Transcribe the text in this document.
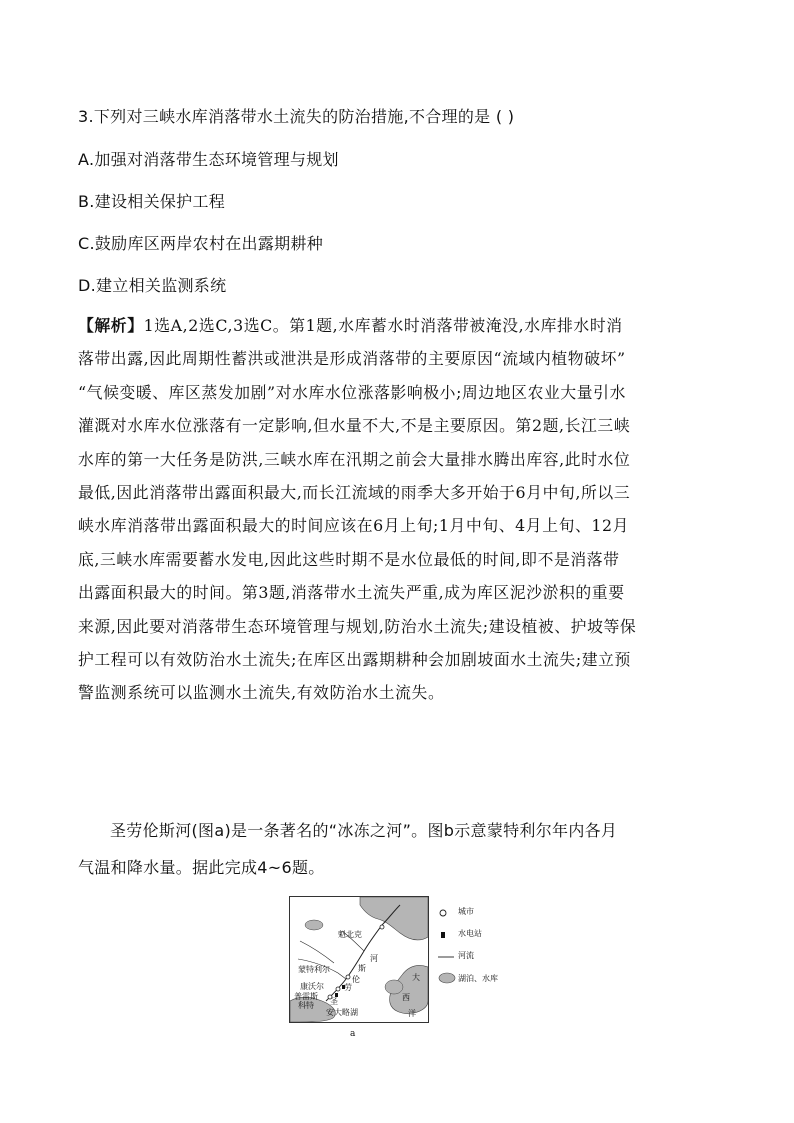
3.下列对三峡水库消落带水土流失的防治措施,不合理的是 ( )
A.加强对消落带生态环境管理与规划
B.建设相关保护工程
C.鼓励库区两岸农村在出露期耕种
D.建立相关监测系统
【解析】1选A,2选C,3选C。第1题,水库蓄水时消落带被淹没,水库排水时消
落带出露,因此周期性蓄洪或泄洪是形成消落带的主要原因“流域内植物破坏”
“气候变暖、库区蒸发加剧”对水库水位涨落影响极小;周边地区农业大量引水
灌溉对水库水位涨落有一定影响,但水量不大,不是主要原因。第2题,长江三峡
水库的第一大任务是防洪,三峡水库在汛期之前会大量排水腾出库容,此时水位
最低,因此消落带出露面积最大,而长江流域的雨季大多开始于6月中旬,所以三
峡水库消落带出露面积最大的时间应该在6月上旬;1月中旬、4月上旬、12月
底,三峡水库需要蓄水发电,因此这些时期不是水位最低的时间,即不是消落带
出露面积最大的时间。第3题,消落带水土流失严重,成为库区泥沙淤积的重要
来源,因此要对消落带生态环境管理与规划,防治水土流失;建设植被、护坡等保
护工程可以有效防治水土流失;在库区出露期耕种会加剧坡面水土流失;建立预
警监测系统可以监测水土流失,有效防治水土流失。
圣劳伦斯河(图a)是一条著名的“冰冻之河”。图b示意蒙特利尔年内各月
气温和降水量。据此完成4~6题。
魁北克
河
斯
蒙特利尔
伦
劳
康沃尔
普雷斯
科特 圣
安大略湖
大
西
洋
城市
水电站
河流
湖泊、水库
a
